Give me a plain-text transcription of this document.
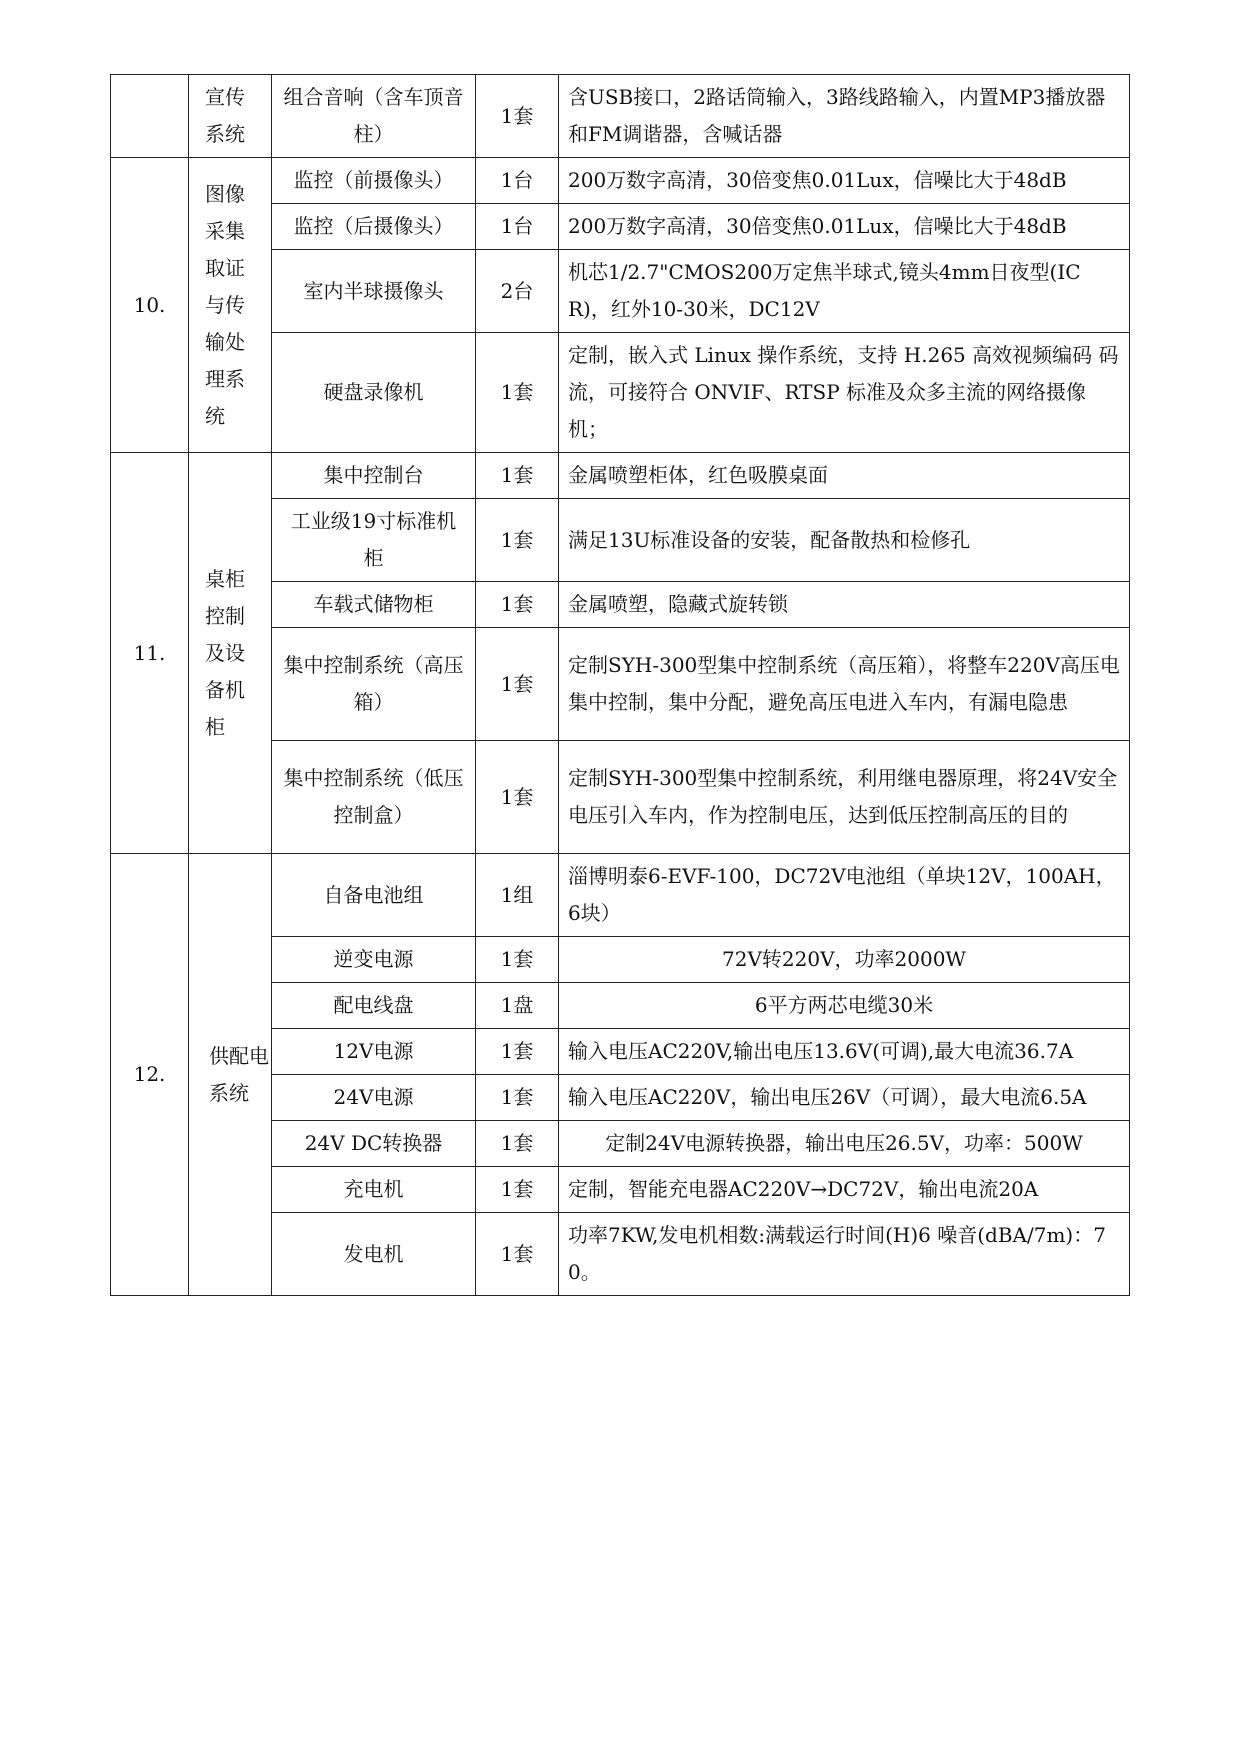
	宣传系统	组合音响（含车顶音柱）	1套	含USB接口，2路话筒输入，3路线路输入，内置MP3播放器和FM调谐器，含喊话器
10.	图像采集取证与传输处理系统	监控（前摄像头）	1台	200万数字高清，30倍变焦0.01Lux，信噪比大于48dB
		监控（后摄像头）	1台	200万数字高清，30倍变焦0.01Lux，信噪比大于48dB
		室内半球摄像头	2台	机芯1/2.7"CMOS200万定焦半球式,镜头4mm日夜型(ICR)，红外10-30米，DC12V
		硬盘录像机	1套	定制，嵌入式 Linux 操作系统，支持 H.265 高效视频编码 码流，可接符合 ONVIF、RTSP 标准及众多主流的网络摄像机；
11.	桌柜控制及设备机柜	集中控制台	1套	金属喷塑柜体，红色吸膜桌面
		工业级19寸标准机柜	1套	满足13U标准设备的安装，配备散热和检修孔
		车载式储物柜	1套	金属喷塑，隐藏式旋转锁
		集中控制系统（高压箱）	1套	定制SYH-300型集中控制系统（高压箱），将整车220V高压电集中控制，集中分配，避免高压电进入车内，有漏电隐患
		集中控制系统（低压控制盒）	1套	定制SYH-300型集中控制系统，利用继电器原理，将24V安全电压引入车内，作为控制电压，达到低压控制高压的目的
12.	供配电系统	自备电池组	1组	淄博明泰6-EVF-100，DC72V电池组（单块12V，100AH，6块）
		逆变电源	1套	72V转220V，功率2000W
		配电线盘	1盘	6平方两芯电缆30米
		12V电源	1套	输入电压AC220V,输出电压13.6V(可调),最大电流36.7A
		24V电源	1套	输入电压AC220V，输出电压26V（可调），最大电流6.5A
		24V DC转换器	1套	定制24V电源转换器，输出电压26.5V，功率：500W
		充电机	1套	定制，智能充电器AC220V→DC72V，输出电流20A
		发电机	1套	功率7KW,发电机相数:满载运行时间(H)6 噪音(dBA/7m)：70。
